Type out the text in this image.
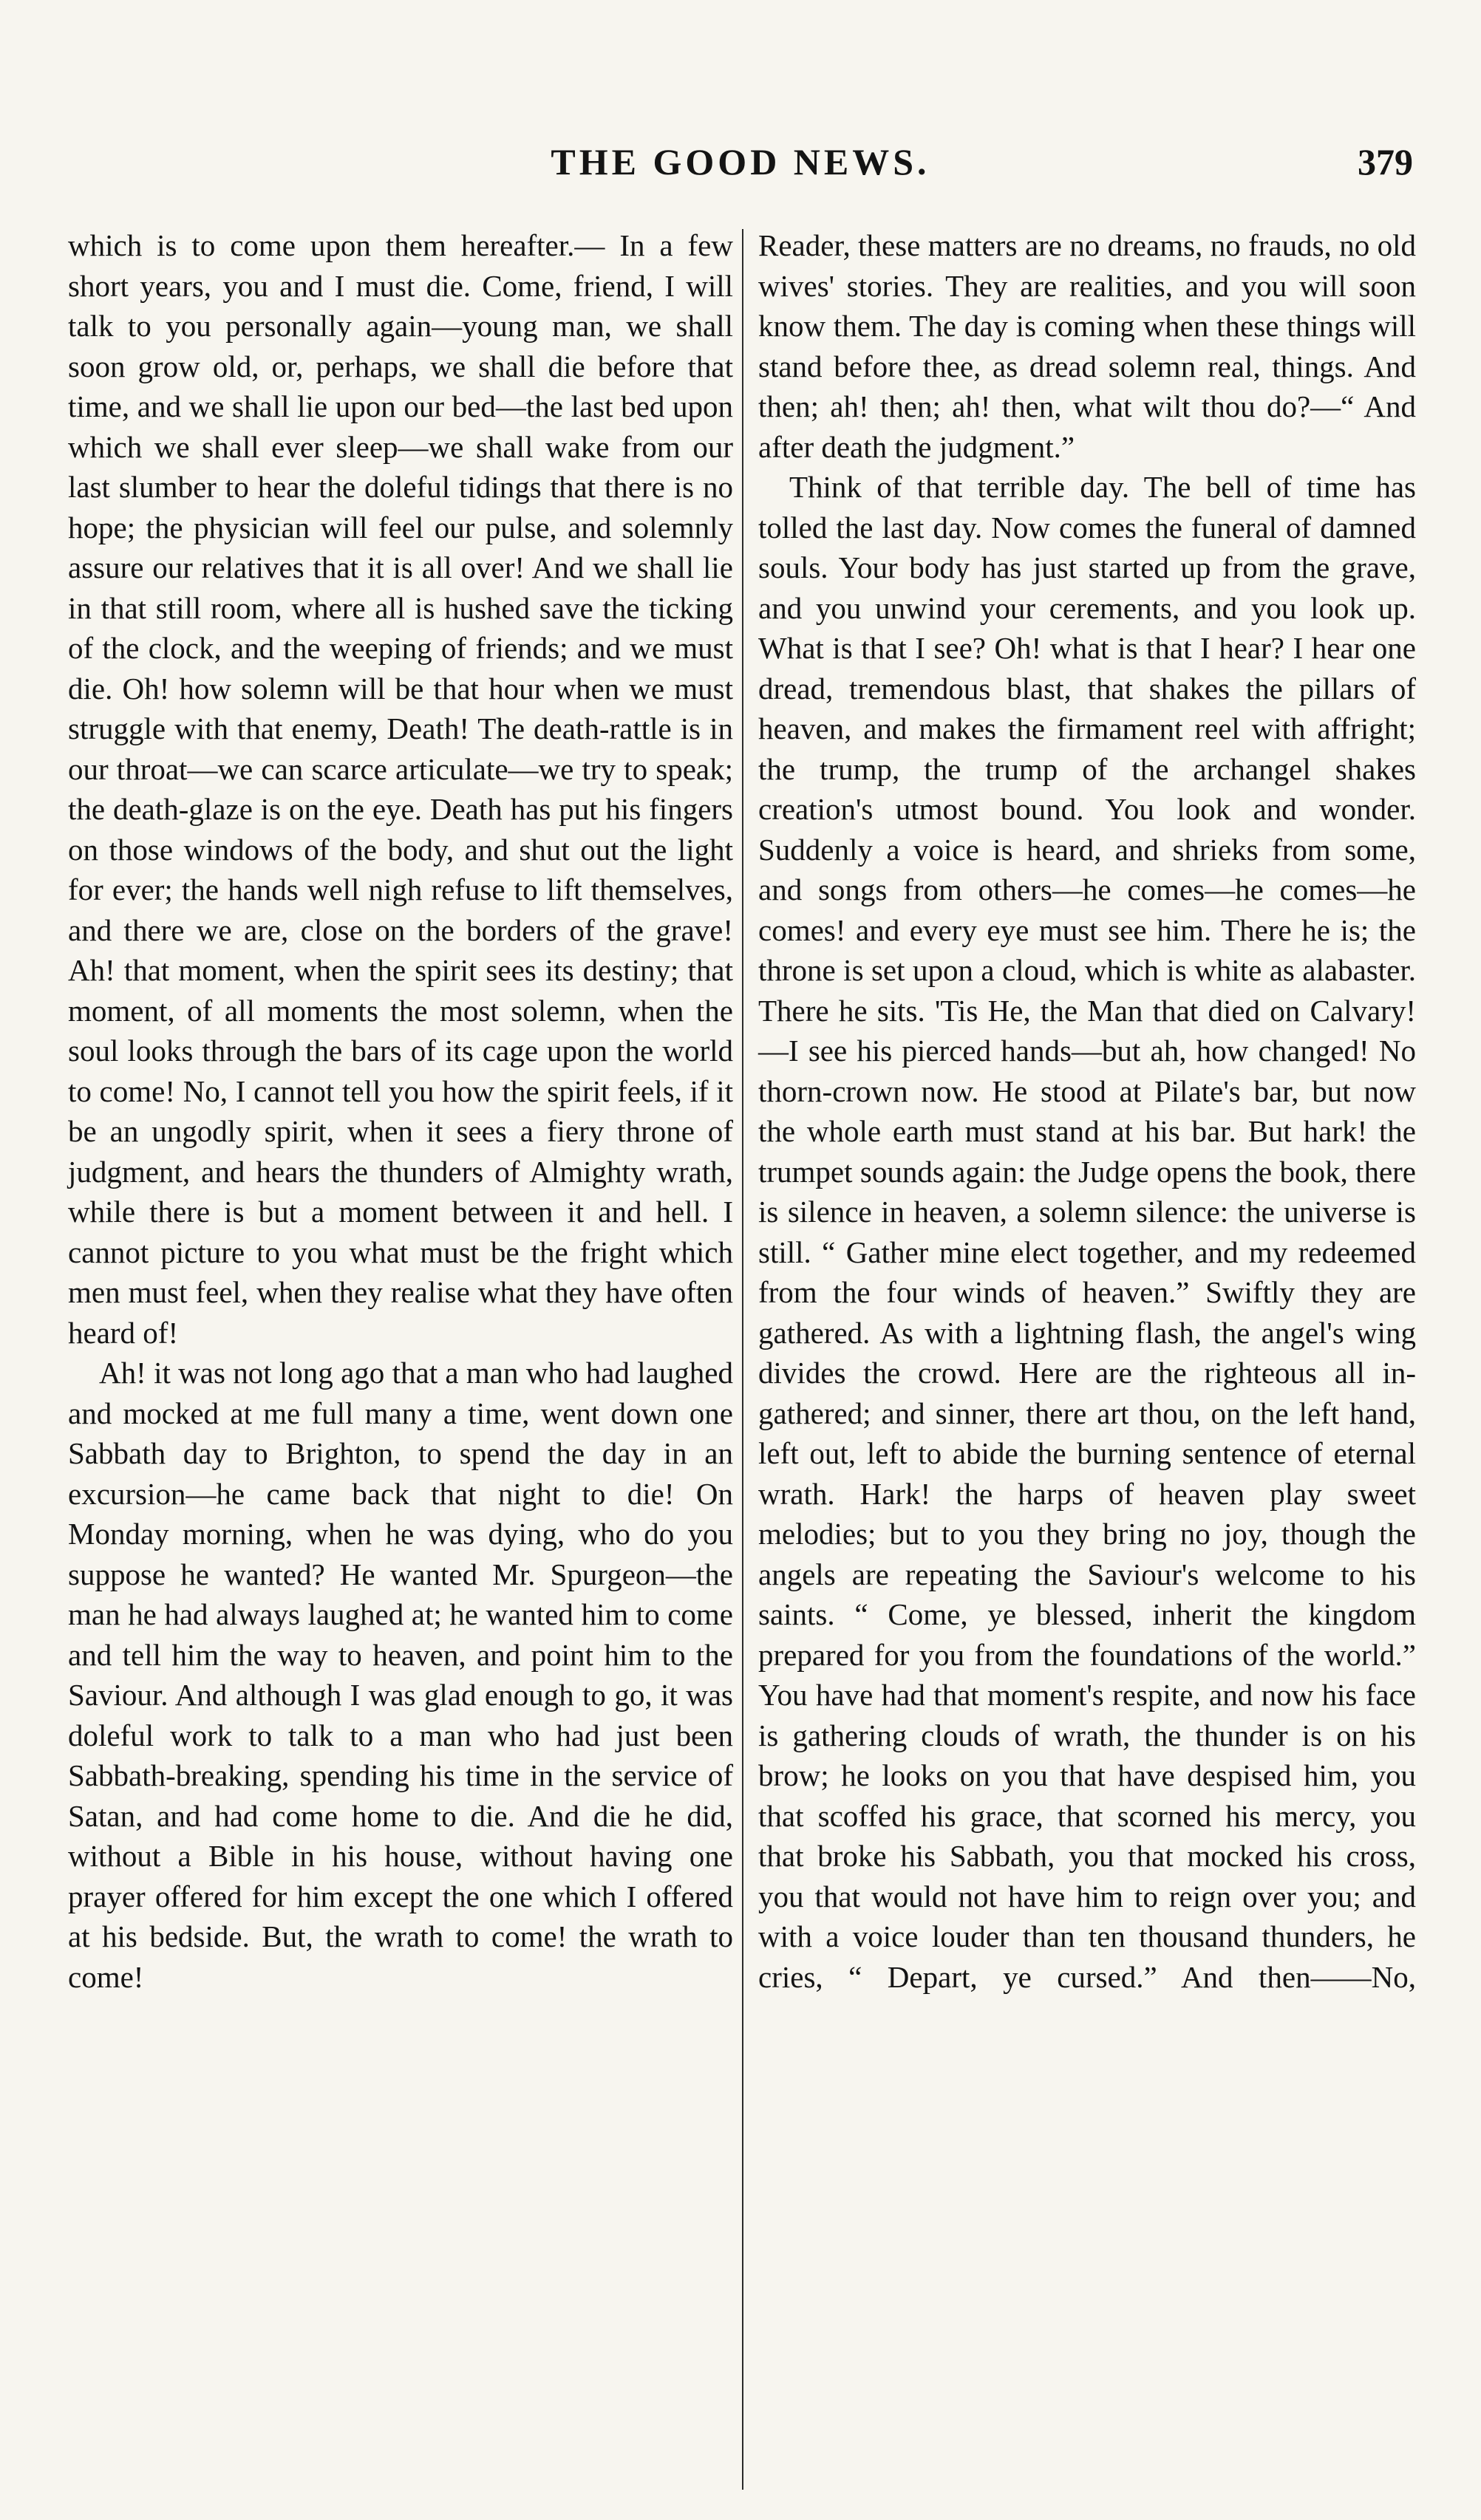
THE GOOD NEWS.	379

which is to come upon them hereafter.— In a few short years, you and I must die. Come, friend, I will talk to you personally again—young man, we shall soon grow old, or, perhaps, we shall die before that time, and we shall lie upon our bed—the last bed upon which we shall ever sleep—we shall wake from our last slumber to hear the doleful tidings that there is no hope; the physician will feel our pulse, and solemnly assure our relatives that it is all over! And we shall lie in that still room, where all is hushed save the ticking of the clock, and the weeping of friends; and we must die. Oh! how solemn will be that hour when we must struggle with that enemy, Death! The death-rattle is in our throat—we can scarce articulate—we try to speak; the death-glaze is on the eye. Death has put his fingers on those windows of the body, and shut out the light for ever; the hands well nigh refuse to lift themselves, and there we are, close on the borders of the grave! Ah! that moment, when the spirit sees its destiny; that moment, of all moments the most solemn, when the soul looks through the bars of its cage upon the world to come! No, I cannot tell you how the spirit feels, if it be an ungodly spirit, when it sees a fiery throne of judgment, and hears the thunders of Almighty wrath, while there is but a moment between it and hell. I cannot picture to you what must be the fright which men must feel, when they realise what they have often heard of!

Ah! it was not long ago that a man who had laughed and mocked at me full many a time, went down one Sabbath day to Brighton, to spend the day in an excursion—he came back that night to die! On Monday morning, when he was dying, who do you suppose he wanted? He wanted Mr. Spurgeon—the man he had always laughed at; he wanted him to come and tell him the way to heaven, and point him to the Saviour. And although I was glad enough to go, it was doleful work to talk to a man who had just been Sabbath-breaking, spending his time in the service of Satan, and had come home to die. And die he did, without a Bible in his house, without having one prayer offered for him except the one which I offered at his bedside. But, the wrath to come! the wrath to come!

Reader, these matters are no dreams, no frauds, no old wives' stories. They are realities, and you will soon know them. The day is coming when these things will stand before thee, as dread solemn real, things. And then; ah! then; ah! then, what wilt thou do?—“ And after death the judgment.”

Think of that terrible day. The bell of time has tolled the last day. Now comes the funeral of damned souls. Your body has just started up from the grave, and you unwind your cerements, and you look up. What is that I see? Oh! what is that I hear? I hear one dread, tremendous blast, that shakes the pillars of heaven, and makes the firmament reel with affright; the trump, the trump of the archangel shakes creation's utmost bound. You look and wonder. Suddenly a voice is heard, and shrieks from some, and songs from others—he comes—he comes—he comes! and every eye must see him. There he is; the throne is set upon a cloud, which is white as alabaster. There he sits. 'Tis He, the Man that died on Calvary!—I see his pierced hands—but ah, how changed! No thorn-crown now. He stood at Pilate's bar, but now the whole earth must stand at his bar. But hark! the trumpet sounds again: the Judge opens the book, there is silence in heaven, a solemn silence: the universe is still. “ Gather mine elect together, and my redeemed from the four winds of heaven.” Swiftly they are gathered. As with a lightning flash, the angel's wing divides the crowd. Here are the righteous all in-gathered; and sinner, there art thou, on the left hand, left out, left to abide the burning sentence of eternal wrath. Hark! the harps of heaven play sweet melodies; but to you they bring no joy, though the angels are repeating the Saviour's welcome to his saints. “ Come, ye blessed, inherit the kingdom prepared for you from the foundations of the world.” You have had that moment's respite, and now his face is gathering clouds of wrath, the thunder is on his brow; he looks on you that have despised him, you that scoffed his grace, that scorned his mercy, you that broke his Sabbath, you that mocked his cross, you that would not have him to reign over you; and with a voice louder than ten thousand thunders, he cries, “ Depart, ye cursed.” And then——No,
